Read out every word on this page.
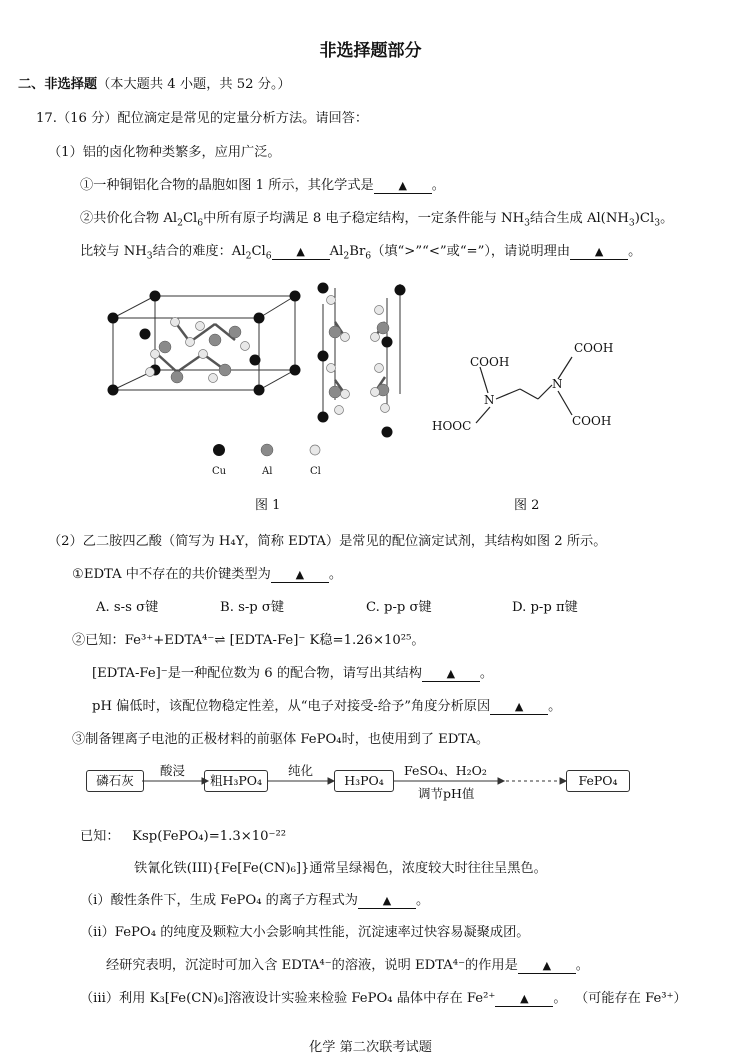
非选择题部分
二、非选择题（本大题共 4 小题，共 52 分。）
17.（16 分）配位滴定是常见的定量分析方法。请回答：
（1）铝的卤化物种类繁多，应用广泛。
①一种铜铝化合物的晶胞如图 1 所示，其化学式是 ▲ 。
②共价化合物 $Al_2Cl_6$中所有原子均满足 8 电子稳定结构，一定条件能与 $NH_3$结合生成 $Al(NH_3)Cl_3$。
比较与 $NH_3$结合的难度：$Al_2Cl_6$ ▲ $Al_2Br_6$（填“>”“<”或“=”），请说明理由 ▲ 。
Cu	Al	Cl
图 1
COOH
COOH
N
N
HOOC	COOH
图 2
（2）乙二胺四乙酸（简写为 H₄Y，简称 EDTA）是常见的配位滴定试剂，其结构如图 2 所示。
①EDTA 中不存在的共价键类型为 ▲ 。
A. s-s σ键	B. s-p σ键	C. p-p σ键	D. p-p π键
②已知：Fe³⁺+EDTA⁴⁻⇌ [EDTA-Fe]⁻ K稳=1.26×10²⁵。
[EDTA-Fe]⁻是一种配位数为 6 的配合物，请写出其结构 ▲ 。
pH 偏低时，该配位物稳定性差，从“电子对接受-给予”角度分析原因 ▲ 。
③制备锂离子电池的正极材料的前驱体 FePO₄时，也使用到了 EDTA。
磷石灰
酸浸
粗H₃PO₄
纯化
H₃PO₄
FeSO₄、H₂O₂
调节pH值
FePO₄
已知： Ksp(FePO₄)=1.3×10⁻²²
铁氰化铁(III){Fe[Fe(CN)₆]}通常呈绿褐色，浓度较大时往往呈黑色。
（i）酸性条件下，生成 FePO₄ 的离子方程式为 ▲ 。
（ii）FePO₄ 的纯度及颗粒大小会影响其性能，沉淀速率过快容易凝聚成团。
经研究表明，沉淀时可加入含 EDTA⁴⁻的溶液，说明 EDTA⁴⁻的作用是 ▲ 。
（iii）利用 K₃[Fe(CN)₆]溶液设计实验来检验 FePO₄ 晶体中存在 Fe²⁺ ▲ 。 （可能存在 Fe³⁺）
化学 第二次联考试题
